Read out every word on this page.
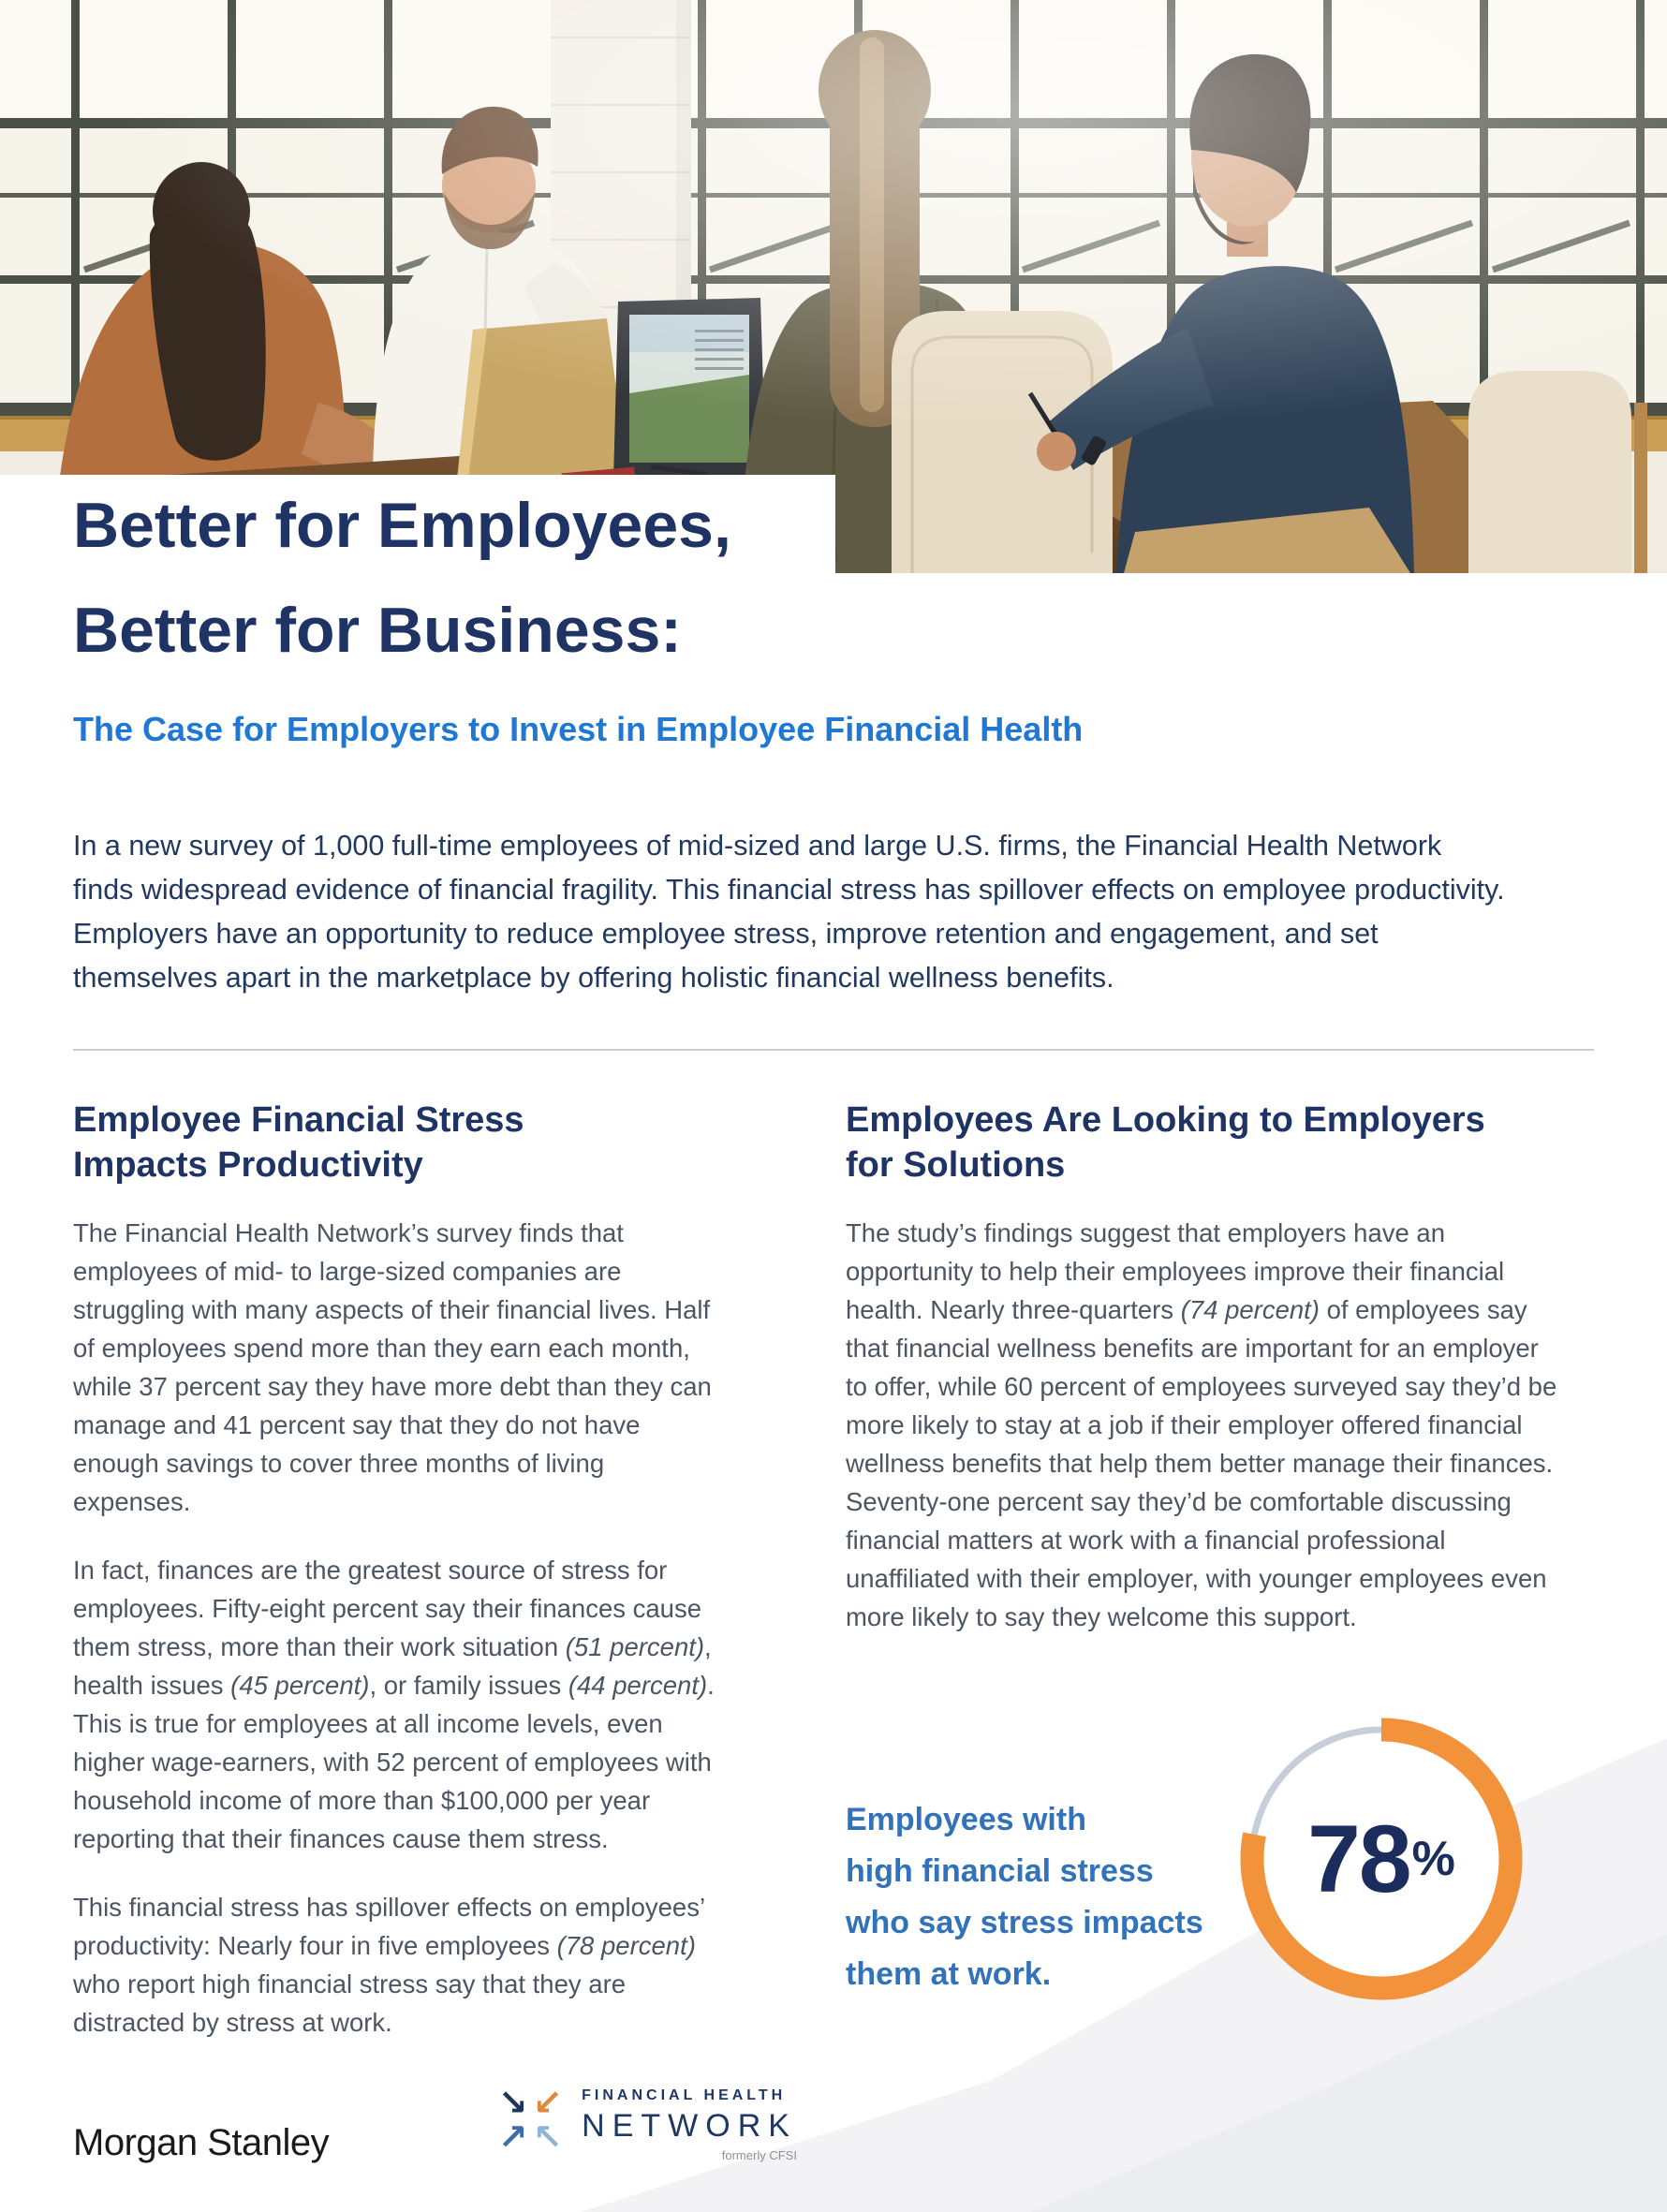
Better for Employees,
Better for Business:
The Case for Employers to Invest in Employee Financial Health
In a new survey of 1,000 full-time employees of mid-sized and large U.S. firms, the Financial Health Network finds widespread evidence of financial fragility. This financial stress has spillover effects on employee productivity. Employers have an opportunity to reduce employee stress, improve retention and engagement, and set themselves apart in the marketplace by offering holistic financial wellness benefits.
Employee Financial Stress
Impacts Productivity

The Financial Health Network’s survey finds that employees of mid- to large-sized companies are struggling with many aspects of their financial lives. Half of employees spend more than they earn each month, while 37 percent say they have more debt than they can manage and 41 percent say that they do not have enough savings to cover three months of living expenses.

In fact, finances are the greatest source of stress for employees. Fifty-eight percent say their finances cause them stress, more than their work situation (51 percent), health issues (45 percent), or family issues (44 percent). This is true for employees at all income levels, even higher wage-earners, with 52 percent of employees with household income of more than $100,000 per year reporting that their finances cause them stress.

This financial stress has spillover effects on employees’ productivity: Nearly four in five employees (78 percent) who report high financial stress say that they are distracted by stress at work.

Employees Are Looking to Employers
for Solutions

The study’s findings suggest that employers have an opportunity to help their employees improve their financial health. Nearly three-quarters (74 percent) of employees say that financial wellness benefits are important for an employer to offer, while 60 percent of employees surveyed say they’d be more likely to stay at a job if their employer offered financial wellness benefits that help them better manage their finances. Seventy-one percent say they’d be comfortable discussing financial matters at work with a financial professional unaffiliated with their employer, with younger employees even more likely to say they welcome this support.

Employees with
high financial stress
who say stress impacts
them at work.
78 %
Morgan Stanley
↘ ↙
↗ ↖
FINANCIAL HEALTH
NETWORK
formerly CFSI
